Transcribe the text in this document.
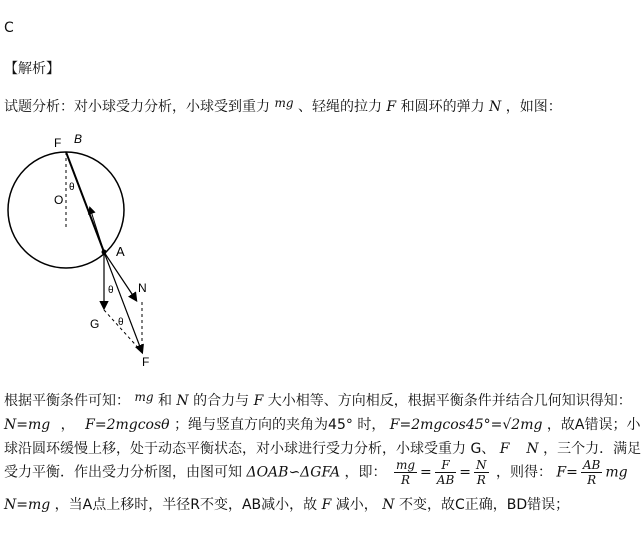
C
【解析】
试题分析：对小球受力分析，小球受到重力 mg 、轻绳的拉力 F 和圆环的弹力 N ，如图：
F B
O
θ
A
θ N
G θ
F
根据平衡条件可知： mg 和 N 的合力与 F 大小相等、方向相反，根据平衡条件并结合几何知识得知：
N=mg ， F=2mgcosθ ；绳与竖直方向的夹角为45° 时， F=2mgcos45°=√2mg ，故A错误；小
球沿圆环缓慢上移，处于动态平衡状态，对小球进行受力分析，小球受重力 G、 F N ，三个力．满足
受力平衡．作出受力分析图，由图可知 ΔOAB∽ΔGFA ，即： $\frac{mg}{R} = \frac{F}{AB} = \frac{N}{R}$ ，则得： $F= \frac{AB}{R}$ mg
N=mg ，当A点上移时，半径R不变，AB减小，故 F 减小， N 不变，故C正确，BD错误；
